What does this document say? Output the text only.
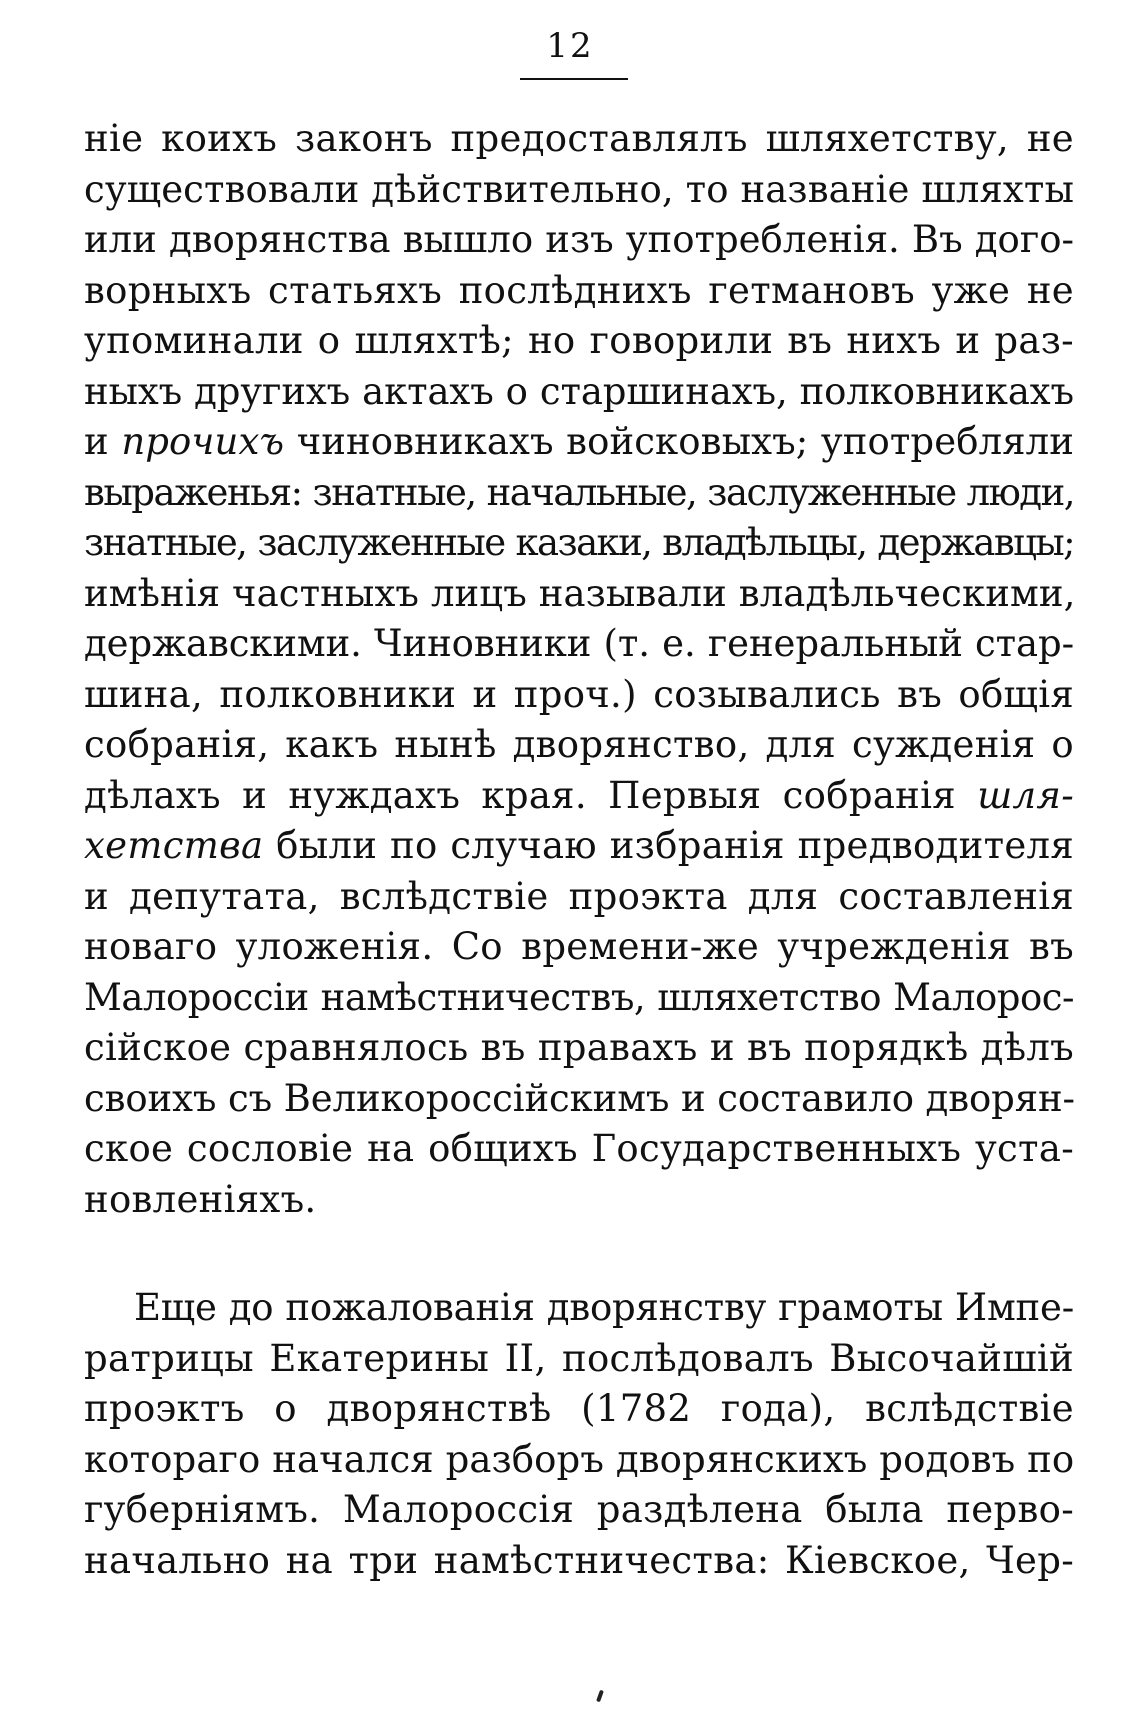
12
ніе коихъ законъ предоставлялъ шляхетству, не
существовали дѣйствительно, то названіе шляхты
или дворянства вышло изъ употребленія. Въ дого-
ворныхъ статьяхъ послѣднихъ гетмановъ уже не
упоминали о шляхтѣ; но говорили въ нихъ и раз-
ныхъ другихъ актахъ о старшинахъ, полковникахъ
и прочихъ чиновникахъ войсковыхъ; употребляли
выраженья: знатные, начальные, заслуженные люди,
знатные, заслуженные казаки, владѣльцы, державцы;
имѣнія частныхъ лицъ называли владѣльческими,
державскими. Чиновники (т. е. генеральный стар-
шина, полковники и проч.) созывались въ общія
собранія, какъ нынѣ дворянство, для сужденія о
дѣлахъ и нуждахъ края. Первыя собранія шля-
хетства были по случаю избранія предводителя
и депутата, вслѣдствіе проэкта для составленія
новаго уложенія. Со времени-же учрежденія въ
Малороссіи намѣстничествъ, шляхетство Малорос-
сійское сравнялось въ правахъ и въ порядкѣ дѣлъ
своихъ съ Великороссійскимъ и составило дворян-
ское сословіе на общихъ Государственныхъ уста-
новленіяхъ.
Еще до пожалованія дворянству грамоты Импе-
ратрицы Екатерины II, послѣдовалъ Высочайшій
проэктъ о дворянствѣ (1782 года), вслѣдствіе
котораго начался разборъ дворянскихъ родовъ по
губерніямъ. Малороссія раздѣлена была перво-
начально на три намѣстничества: Кіевское, Чер-
